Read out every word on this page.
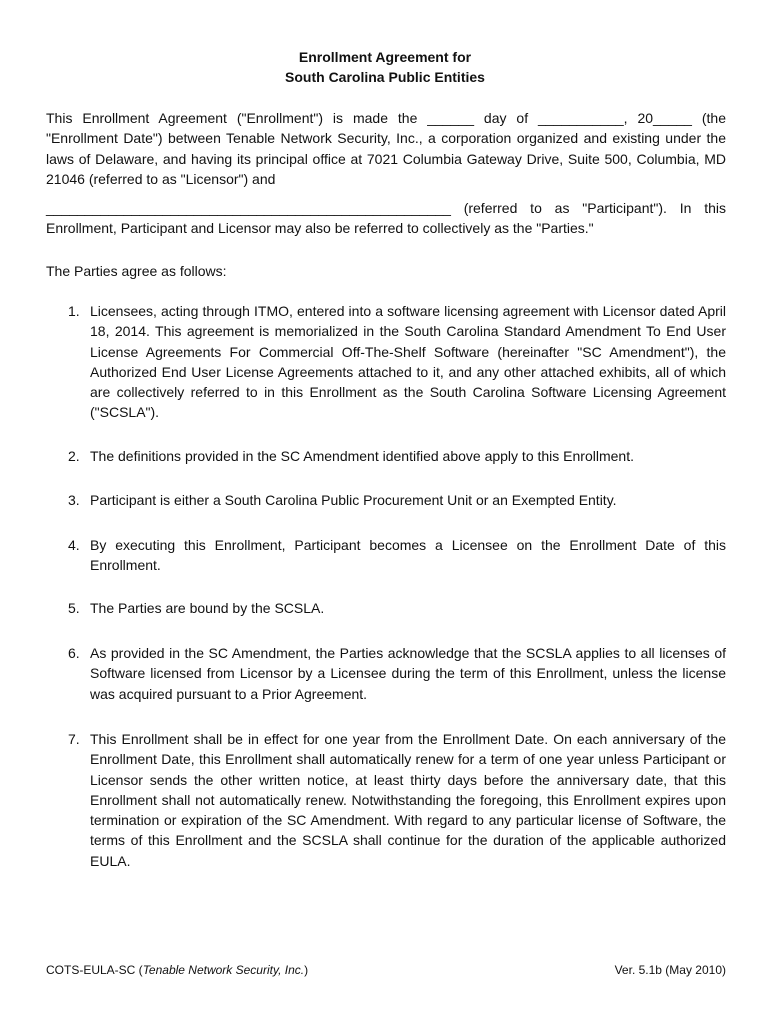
Enrollment Agreement for
South Carolina Public Entities

This Enrollment Agreement ("Enrollment") is made the ______ day of ___________, 20_____ (the "Enrollment Date") between Tenable Network Security, Inc., a corporation organized and existing under the laws of Delaware, and having its principal office at 7021 Columbia Gateway Drive, Suite 500, Columbia, MD 21046 (referred to as "Licensor") and

____________________________________________________ (referred to as "Participant"). In this Enrollment, Participant and Licensor may also be referred to collectively as the "Parties."

The Parties agree as follows:

1. Licensees, acting through ITMO, entered into a software licensing agreement with Licensor dated April 18, 2014. This agreement is memorialized in the South Carolina Standard Amendment To End User License Agreements For Commercial Off-The-Shelf Software (hereinafter "SC Amendment"), the Authorized End User License Agreements attached to it, and any other attached exhibits, all of which are collectively referred to in this Enrollment as the South Carolina Software Licensing Agreement ("SCSLA").
2. The definitions provided in the SC Amendment identified above apply to this Enrollment.
3. Participant is either a South Carolina Public Procurement Unit or an Exempted Entity.
4. By executing this Enrollment, Participant becomes a Licensee on the Enrollment Date of this Enrollment.
5. The Parties are bound by the SCSLA.
6. As provided in the SC Amendment, the Parties acknowledge that the SCSLA applies to all licenses of Software licensed from Licensor by a Licensee during the term of this Enrollment, unless the license was acquired pursuant to a Prior Agreement.
7. This Enrollment shall be in effect for one year from the Enrollment Date. On each anniversary of the Enrollment Date, this Enrollment shall automatically renew for a term of one year unless Participant or Licensor sends the other written notice, at least thirty days before the anniversary date, that this Enrollment shall not automatically renew. Notwithstanding the foregoing, this Enrollment expires upon termination or expiration of the SC Amendment. With regard to any particular license of Software, the terms of this Enrollment and the SCSLA shall continue for the duration of the applicable authorized EULA.
COTS-EULA-SC (Tenable Network Security, Inc.)	Ver. 5.1b (May 2010)
